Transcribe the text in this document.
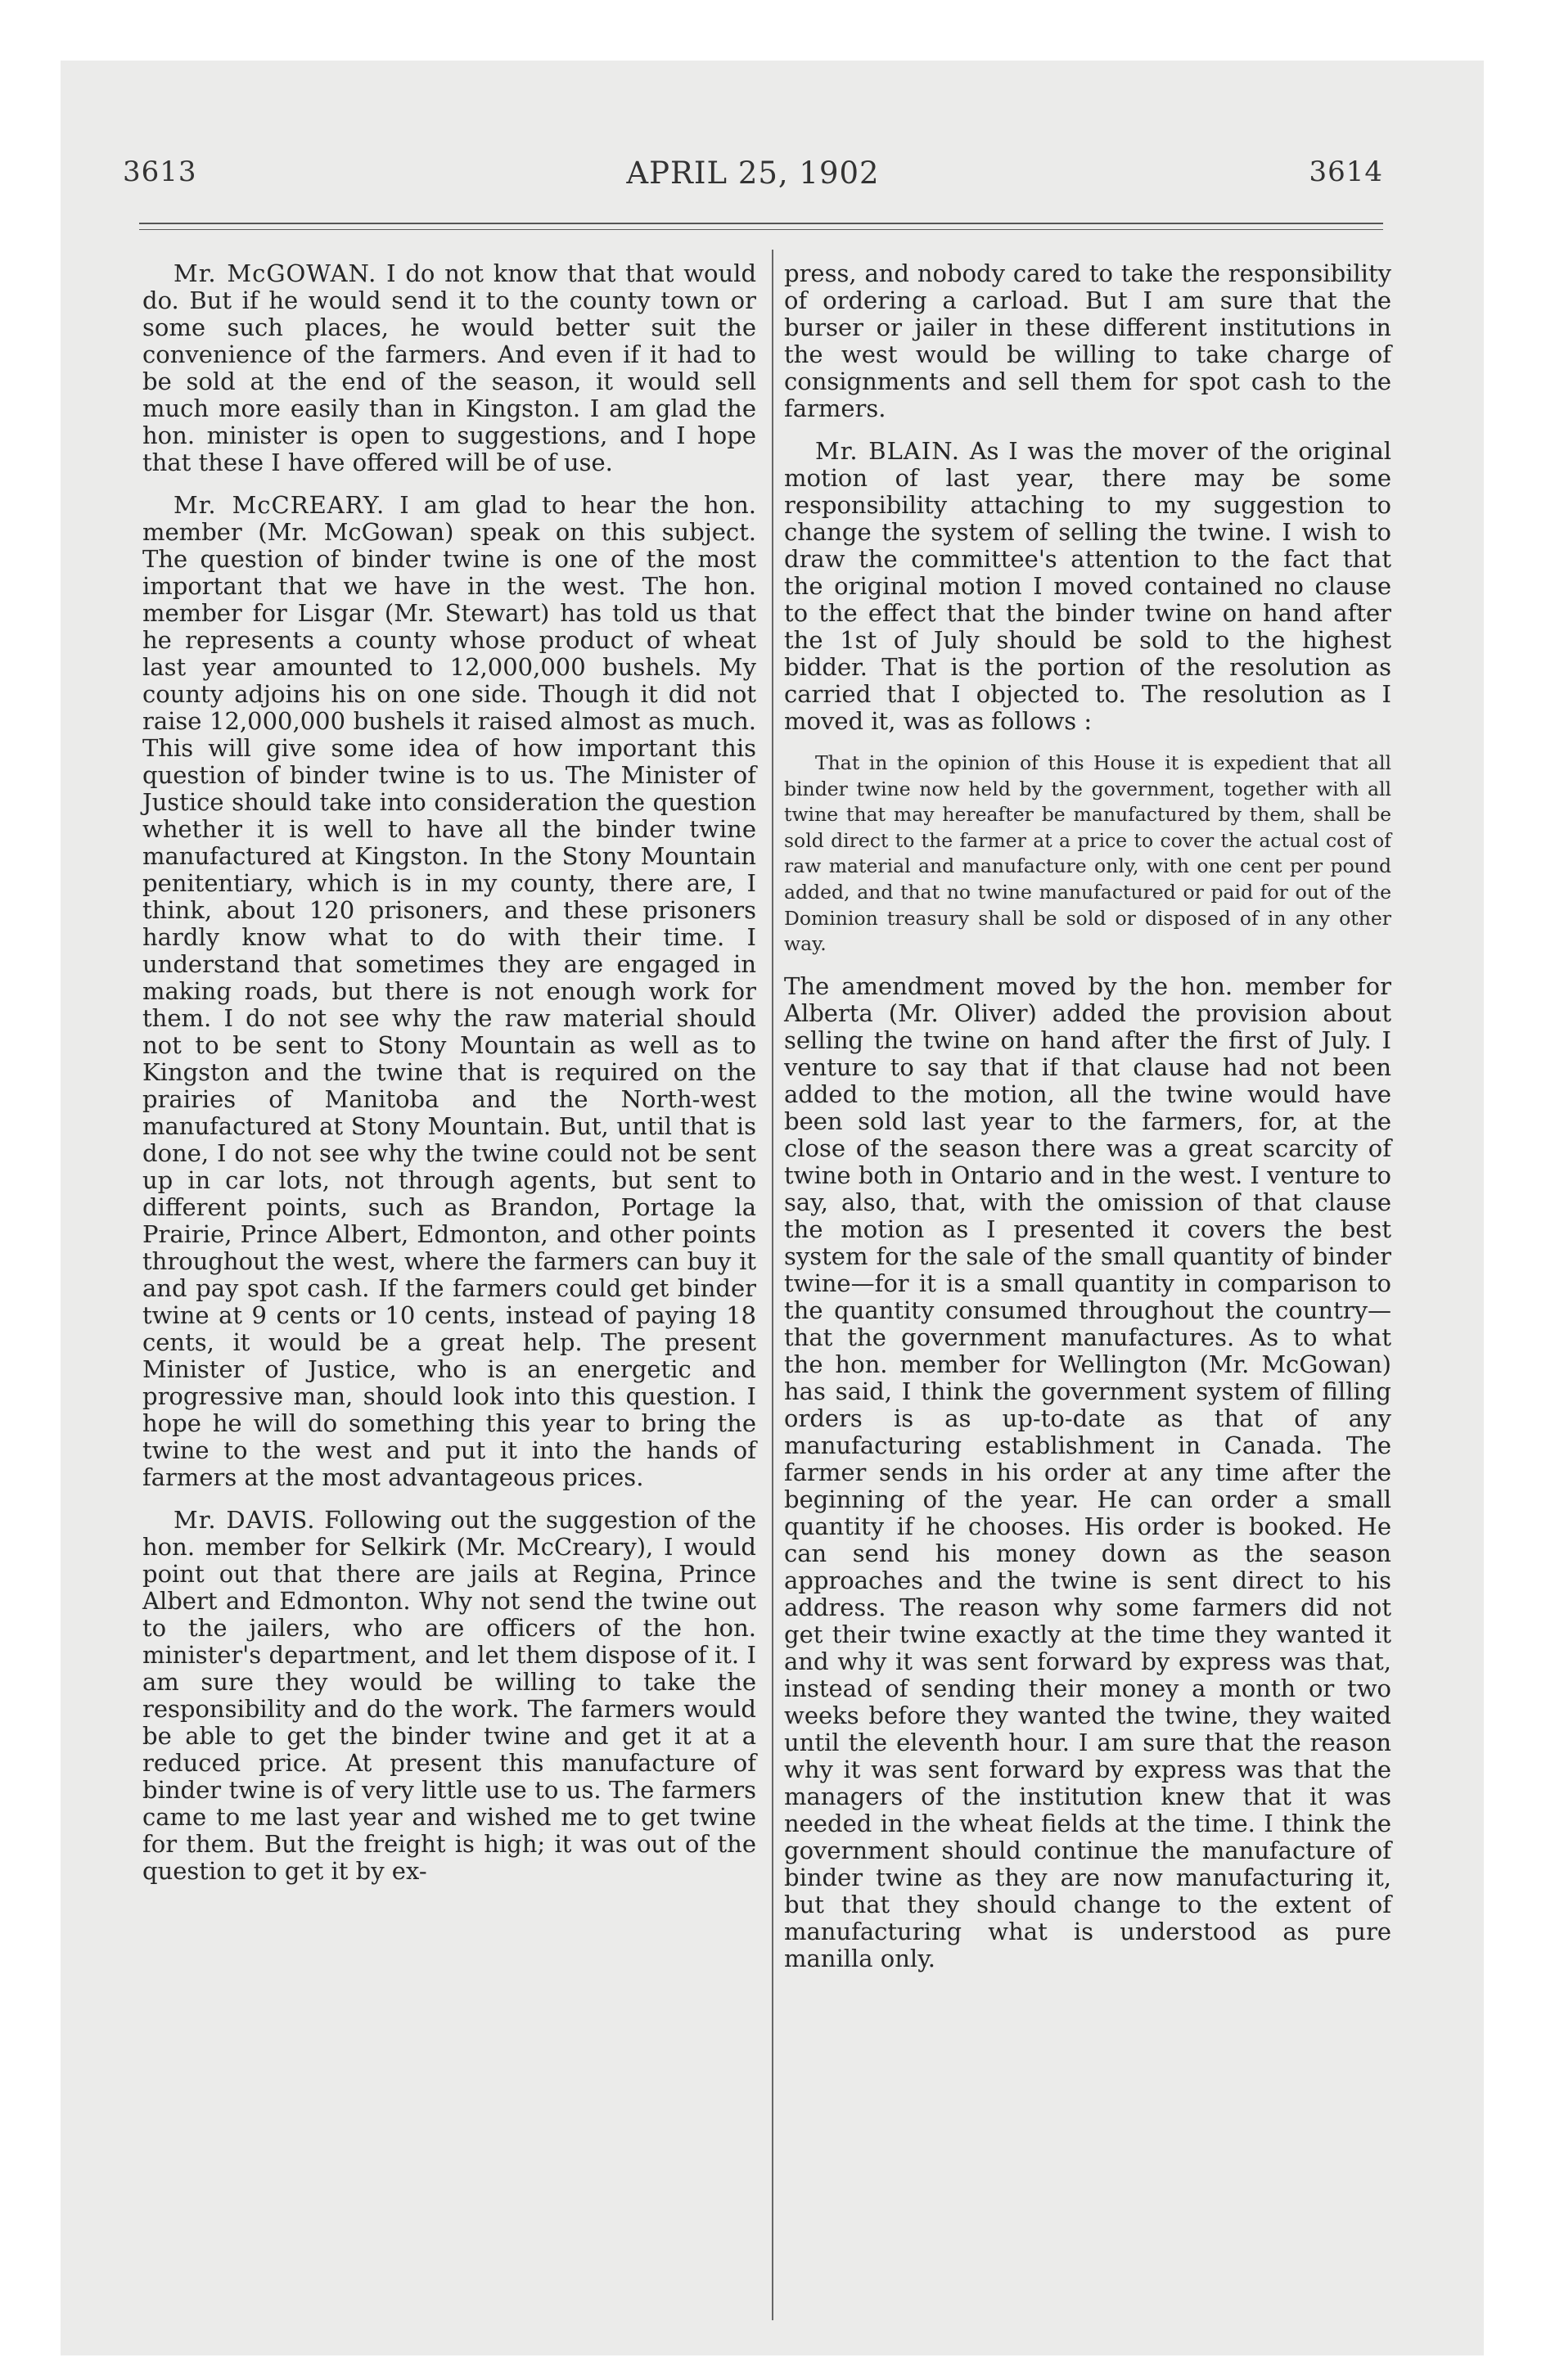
3613	APRIL 25, 1902	3614

Mr. McGOWAN. I do not know that that would do. But if he would send it to the county town or some such places, he would better suit the convenience of the farmers. And even if it had to be sold at the end of the season, it would sell much more easily than in Kingston. I am glad the hon. minister is open to suggestions, and I hope that these I have offered will be of use.

Mr. McCREARY. I am glad to hear the hon. member (Mr. McGowan) speak on this subject. The question of binder twine is one of the most important that we have in the west. The hon. member for Lisgar (Mr. Stewart) has told us that he represents a county whose product of wheat last year amounted to 12,000,000 bushels. My county adjoins his on one side. Though it did not raise 12,000,000 bushels it raised almost as much. This will give some idea of how important this question of binder twine is to us. The Minister of Justice should take into consideration the question whether it is well to have all the binder twine manufactured at Kingston. In the Stony Mountain penitentiary, which is in my county, there are, I think, about 120 prisoners, and these prisoners hardly know what to do with their time. I understand that sometimes they are engaged in making roads, but there is not enough work for them. I do not see why the raw material should not to be sent to Stony Mountain as well as to Kingston and the twine that is required on the prairies of Manitoba and the North-west manufactured at Stony Mountain. But, until that is done, I do not see why the twine could not be sent up in car lots, not through agents, but sent to different points, such as Brandon, Portage la Prairie, Prince Albert, Edmonton, and other points throughout the west, where the farmers can buy it and pay spot cash. If the farmers could get binder twine at 9 cents or 10 cents, instead of paying 18 cents, it would be a great help. The present Minister of Justice, who is an energetic and progressive man, should look into this question. I hope he will do something this year to bring the twine to the west and put it into the hands of farmers at the most advantageous prices.

Mr. DAVIS. Following out the suggestion of the hon. member for Selkirk (Mr. McCreary), I would point out that there are jails at Regina, Prince Albert and Edmonton. Why not send the twine out to the jailers, who are officers of the hon. minister's department, and let them dispose of it. I am sure they would be willing to take the responsibility and do the work. The farmers would be able to get the binder twine and get it at a reduced price. At present this manufacture of binder twine is of very little use to us. The farmers came to me last year and wished me to get twine for them. But the freight is high; it was out of the question to get it by ex-

press, and nobody cared to take the responsibility of ordering a carload. But I am sure that the burser or jailer in these different institutions in the west would be willing to take charge of consignments and sell them for spot cash to the farmers.

Mr. BLAIN. As I was the mover of the original motion of last year, there may be some responsibility attaching to my suggestion to change the system of selling the twine. I wish to draw the committee's attention to the fact that the original motion I moved contained no clause to the effect that the binder twine on hand after the 1st of July should be sold to the highest bidder. That is the portion of the resolution as carried that I objected to. The resolution as I moved it, was as follows :

That in the opinion of this House it is expedient that all binder twine now held by the government, together with all twine that may hereafter be manufactured by them, shall be sold direct to the farmer at a price to cover the actual cost of raw material and manufacture only, with one cent per pound added, and that no twine manufactured or paid for out of the Dominion treasury shall be sold or disposed of in any other way.

The amendment moved by the hon. member for Alberta (Mr. Oliver) added the provision about selling the twine on hand after the first of July. I venture to say that if that clause had not been added to the motion, all the twine would have been sold last year to the farmers, for, at the close of the season there was a great scarcity of twine both in Ontario and in the west. I venture to say, also, that, with the omission of that clause the motion as I presented it covers the best system for the sale of the small quantity of binder twine—for it is a small quantity in comparison to the quantity consumed throughout the country—that the government manufactures. As to what the hon. member for Wellington (Mr. McGowan) has said, I think the government system of filling orders is as up-to-date as that of any manufacturing establishment in Canada. The farmer sends in his order at any time after the beginning of the year. He can order a small quantity if he chooses. His order is booked. He can send his money down as the season approaches and the twine is sent direct to his address. The reason why some farmers did not get their twine exactly at the time they wanted it and why it was sent forward by express was that, instead of sending their money a month or two weeks before they wanted the twine, they waited until the eleventh hour. I am sure that the reason why it was sent forward by express was that the managers of the institution knew that it was needed in the wheat fields at the time. I think the government should continue the manufacture of binder twine as they are now manufacturing it, but that they should change to the extent of manufacturing what is understood as pure manilla only.
